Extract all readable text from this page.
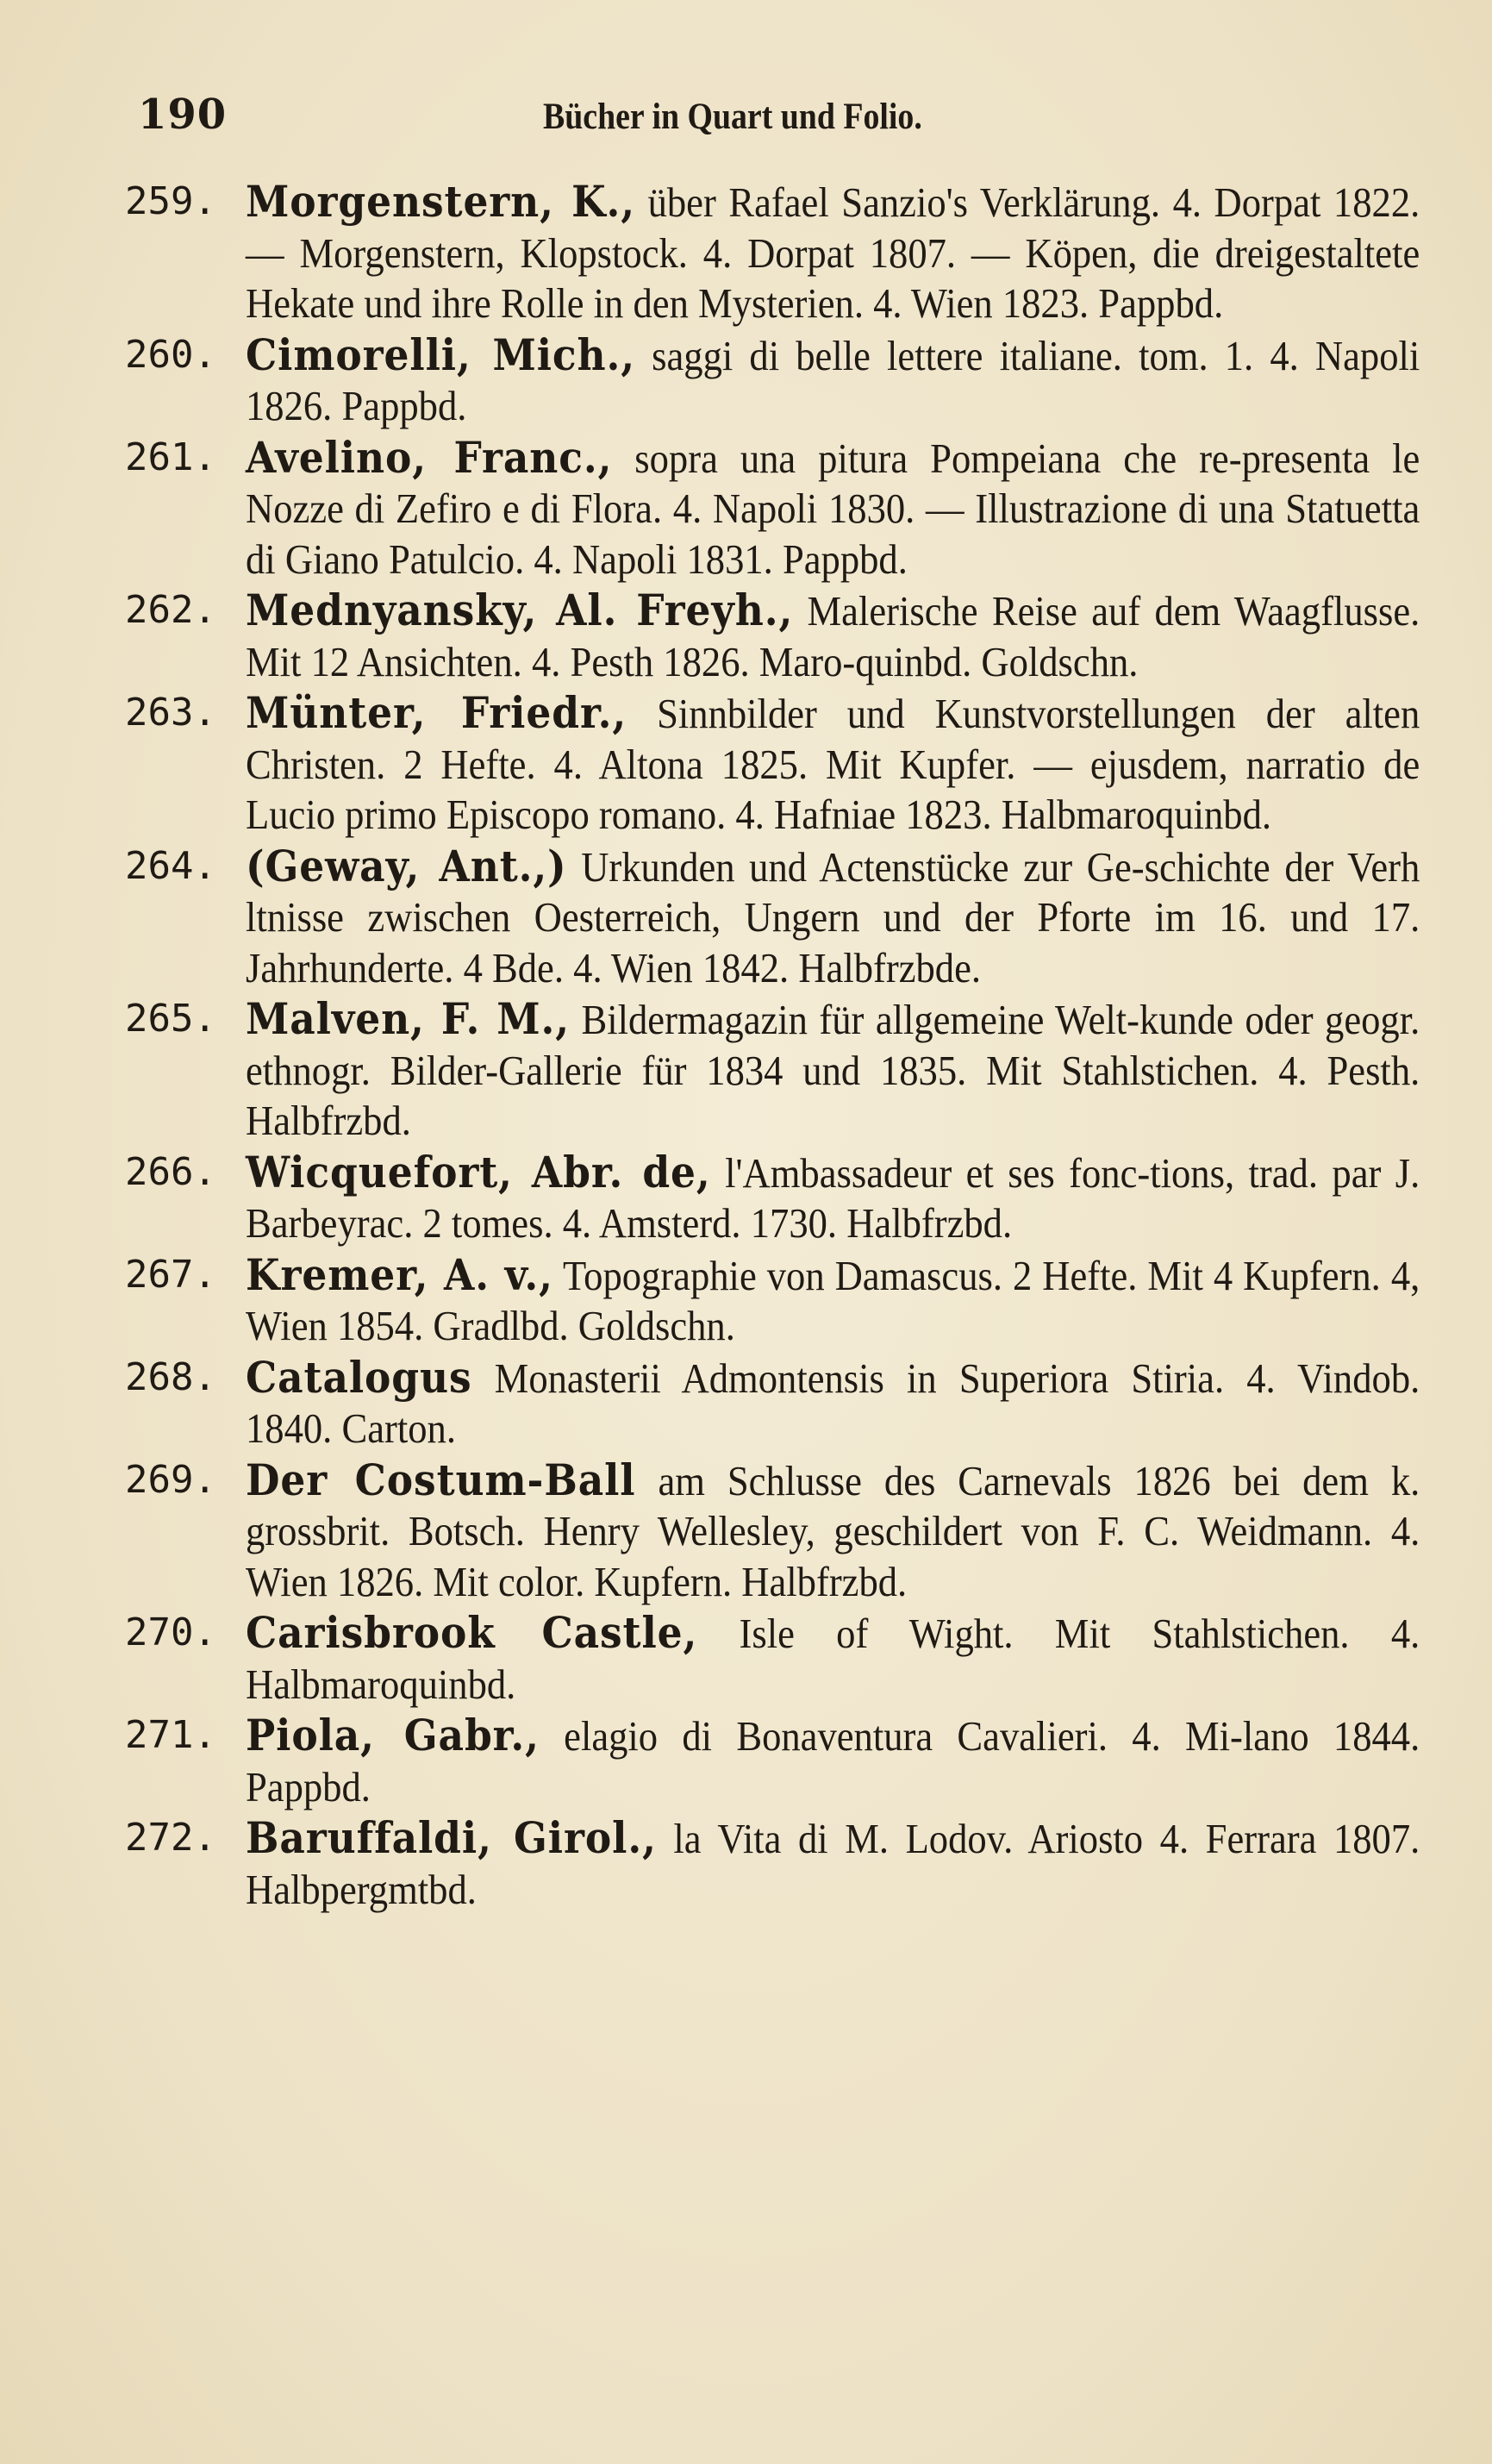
190	Bücher in Quart und Folio.
259. Morgenstern, K., über Rafael Sanzio's Verklärung. 4. Dorpat 1822. — Morgenstern, Klopstock. 4. Dorpat 1807. — Köpen, die dreigestaltete Hekate und ihre Rolle in den Mysterien. 4. Wien 1823. Pappbd.
260. Cimorelli, Mich., saggi di belle lettere italiane. tom. 1. 4. Napoli 1826. Pappbd.
261. Avelino, Franc., sopra una pitura Pompeiana che re-presenta le Nozze di Zefiro e di Flora. 4. Napoli 1830. — Illustrazione di una Statuetta di Giano Patulcio. 4. Napoli 1831. Pappbd.
262. Mednyansky, Al. Freyh., Malerische Reise auf dem Waagflusse. Mit 12 Ansichten. 4. Pesth 1826. Maro-quinbd. Goldschn.
263. Münter, Friedr., Sinnbilder und Kunstvorstellungen der alten Christen. 2 Hefte. 4. Altona 1825. Mit Kupfer. — ejusdem, narratio de Lucio primo Episcopo romano. 4. Hafniae 1823. Halbmaroquinbd.
264. (Geway, Ant.,) Urkunden und Actenstücke zur Ge-schichte der Verh ltnisse zwischen Oesterreich, Ungern und der Pforte im 16. und 17. Jahrhunderte. 4 Bde. 4. Wien 1842. Halbfrzbde.
265. Malven, F. M., Bildermagazin für allgemeine Welt-kunde oder geogr. ethnogr. Bilder-Gallerie für 1834 und 1835. Mit Stahlstichen. 4. Pesth. Halbfrzbd.
266. Wicquefort, Abr. de, l'Ambassadeur et ses fonc-tions, trad. par J. Barbeyrac. 2 tomes. 4. Amsterd. 1730. Halbfrzbd.
267. Kremer, A. v., Topographie von Damascus. 2 Hefte. Mit 4 Kupfern. 4, Wien 1854. Gradlbd. Goldschn.
268. Catalogus Monasterii Admontensis in Superiora Stiria. 4. Vindob. 1840. Carton.
269. Der Costum-Ball am Schlusse des Carnevals 1826 bei dem k. grossbrit. Botsch. Henry Wellesley, geschildert von F. C. Weidmann. 4. Wien 1826. Mit color. Kupfern. Halbfrzbd.
270. Carisbrook Castle, Isle of Wight. Mit Stahlstichen. 4. Halbmaroquinbd.
271. Piola, Gabr., elagio di Bonaventura Cavalieri. 4. Mi-lano 1844. Pappbd.
272. Baruffaldi, Girol., la Vita di M. Lodov. Ariosto 4. Ferrara 1807. Halbpergmtbd.
